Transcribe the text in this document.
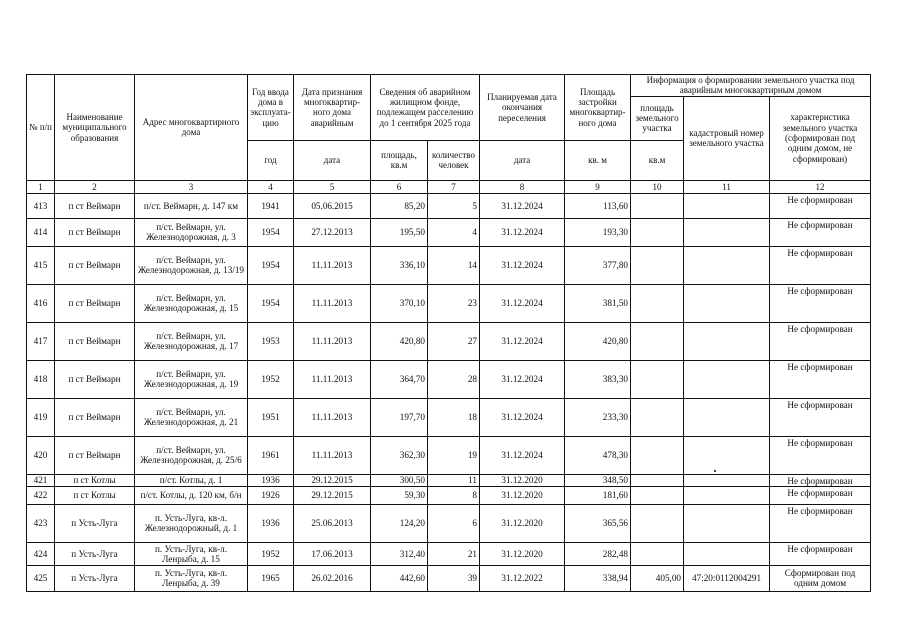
№ п/п	Наименование муниципального образования	Адрес многоквартирного дома	Год ввода дома в эксплуата-цию	Дата признания многоквартир-ного дома аварийным	Сведения об аварийном жилищном фонде, подлежащем расселению до 1 сентября 2025 года		Планируемая дата окончания переселения	Площадь застройки многоквартир-ного дома	Информация о формировании земельного участка под аварийным многоквартирным домом		
									площадь земельного участка	кадастровый номер земельного участка	характеристика земельного участка (сформирован под одним домом, не сформирован)
			год	дата	площадь, кв.м	количество человек	дата	кв. м	кв.м		
1	2	3	4	5	6	7	8	9	10	11	12
413	п ст Веймарн	п/ст. Веймарн, д. 147 км	1941	05.06.2015	85,20	5	31.12.2024	113,60			Не сформирован
414	п ст Веймарн	п/ст. Веймарн, ул. Железнодорожная, д. 3	1954	27.12.2013	195,50	4	31.12.2024	193,30			Не сформирован
415	п ст Веймарн	п/ст. Веймарн, ул. Железнодорожная, д. 13/19	1954	11.11.2013	336,10	14	31.12.2024	377,80			Не сформирован
416	п ст Веймарн	п/ст. Веймарн, ул. Железнодорожная, д. 15	1954	11.11.2013	370,10	23	31.12.2024	381,50			Не сформирован
417	п ст Веймарн	п/ст. Веймарн, ул. Железнодорожная, д. 17	1953	11.11.2013	420,80	27	31.12.2024	420,80			Не сформирован
418	п ст Веймарн	п/ст. Веймарн, ул. Железнодорожная, д. 19	1952	11.11.2013	364,70	28	31.12.2024	383,30			Не сформирован
419	п ст Веймарн	п/ст. Веймарн, ул. Железнодорожная, д. 21	1951	11.11.2013	197,70	18	31.12.2024	233,30			Не сформирован
420	п ст Веймарн	п/ст. Веймарн, ул. Железнодорожная, д. 25/6	1961	11.11.2013	362,30	19	31.12.2024	478,30			Не сформирован
421	п ст Котлы	п/ст. Котлы, д. 1	1936	29.12.2015	300,50	11	31.12.2020	348,50			Не сформирован
422	п ст Котлы	п/ст. Котлы, д. 120 км, б/н	1926	29.12.2015	59,30	8	31.12.2020	181,60			Не сформирован
423	п Усть-Луга	п. Усть-Луга, кв-л. Железнодорожный, д. 1	1936	25.06.2013	124,20	6	31.12.2020	365,56			Не сформирован
424	п Усть-Луга	п. Усть-Луга, кв-л. Ленрыба, д. 15	1952	17.06.2013	312,40	21	31.12.2020	282,48			Не сформирован
425	п Усть-Луга	п. Усть-Луга, кв-л. Ленрыба, д. 39	1965	26.02.2016	442,60	39	31.12.2022	338,94	405,00	47:20:0112004291	Сформирован под одним домом
